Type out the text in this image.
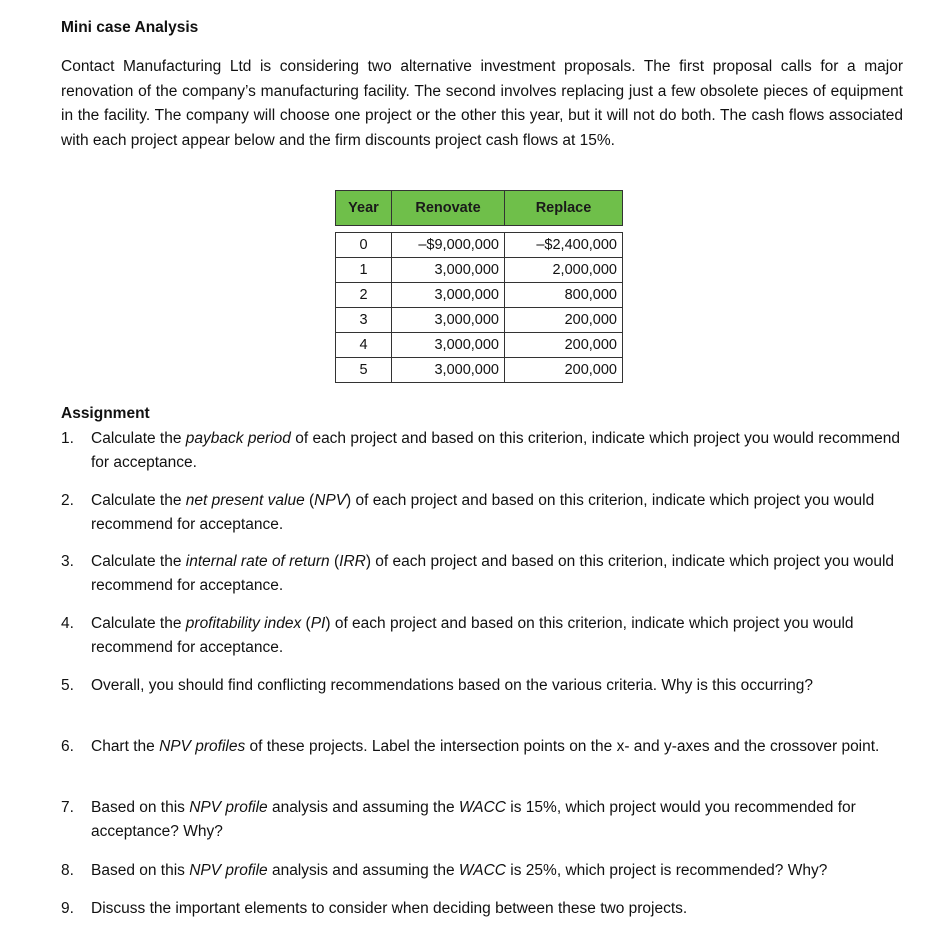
Mini case Analysis

Contact Manufacturing Ltd is considering two alternative investment proposals. The first proposal calls for a major renovation of the company’s manufacturing facility. The second involves replacing just a few obsolete pieces of equipment in the facility. The company will choose one project or the other this year, but it will not do both. The cash flows associated with each project appear below and the firm discounts project cash flows at 15%.

Year	Renovate	Replace

0	–$9,000,000	–$2,400,000
1	3,000,000	2,000,000
2	3,000,000	800,000
3	3,000,000	200,000
4	3,000,000	200,000
5	3,000,000	200,000
Assignment
1. Calculate the payback period of each project and based on this criterion, indicate which project you would recommend for acceptance.
2. Calculate the net present value (NPV) of each project and based on this criterion, indicate which project you would recommend for acceptance.
3. Calculate the internal rate of return (IRR) of each project and based on this criterion, indicate which project you would recommend for acceptance.
4. Calculate the profitability index (PI) of each project and based on this criterion, indicate which project you would recommend for acceptance.
5. Overall, you should find conflicting recommendations based on the various criteria. Why is this occurring?
6. Chart the NPV profiles of these projects. Label the intersection points on the x- and y-axes and the crossover point.
7. Based on this NPV profile analysis and assuming the WACC is 15%, which project would you recommended for acceptance? Why?
8. Based on this NPV profile analysis and assuming the WACC is 25%, which project is recommended? Why?
9. Discuss the important elements to consider when deciding between these two projects.
